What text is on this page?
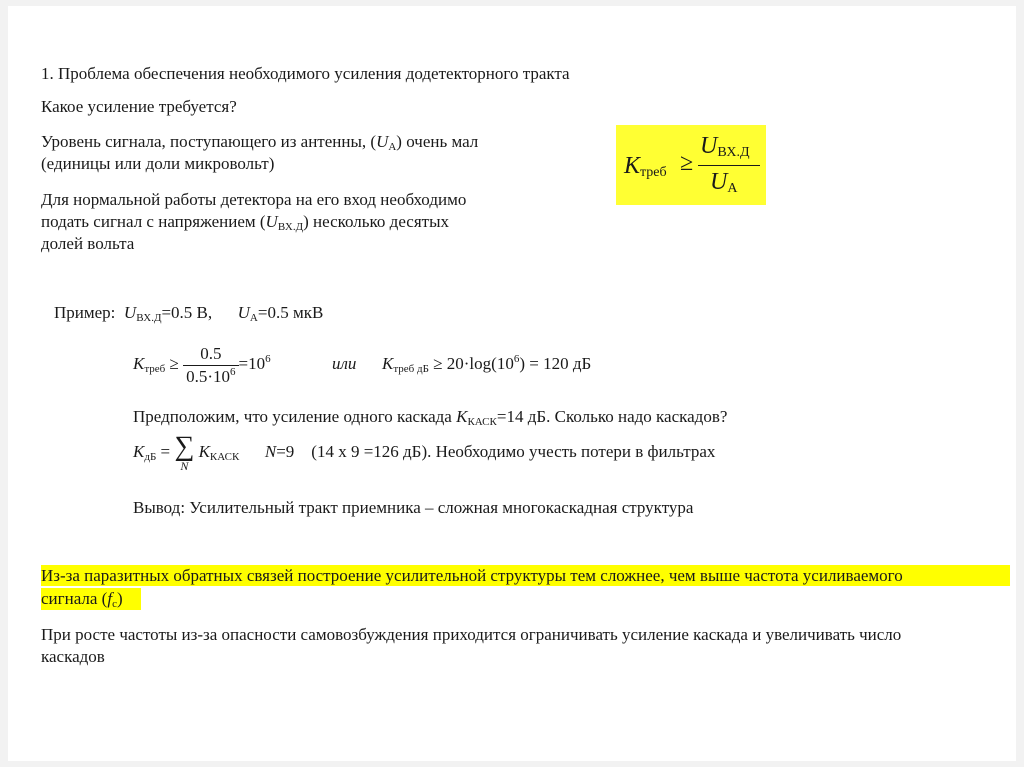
1. Проблема обеспечения необходимого усиления додетекторного тракта
Какое усиление требуется?
Уровень сигнала, поступающего из антенны, $(U_А)$ очень мал
(единицы или доли микровольт)
Для нормальной работы детектора на его вход необходимо
подать сигнал с напряжением $(U_{ВХ.Д})$ несколько десятых
долей вольта
$K_{треб}$ ≥
$U_{ВХ.Д}$
$U_А$
Пример: $U_{ВХ.Д}=0.5$ В, $U_А=0.5$ мкВ
$K_{треб} \ge \frac{0.5}{0.5\cdot 10^6} =10^6$	или $K_{треб дБ} \ge 20\cdot\log(10^6) = 120$ дБ
Предположим, что усиление одного каскада $K_{КАСК}=14$ дБ. Сколько надо каскадов?
$K_{дБ}$ = ∑
N
$K_{КАСК}$ N=9 (14 х 9 =126 дБ). Необходимо учесть потери в фильтрах
Вывод: Усилительный тракт приемника – сложная многокаскадная структура
Из-за паразитных обратных связей построение усилительной структуры тем сложнее, чем выше частота усиливаемого
сигнала $(f_c)$
При росте частоты из-за опасности самовозбуждения приходится ограничивать усиление каскада и увеличивать число
каскадов
